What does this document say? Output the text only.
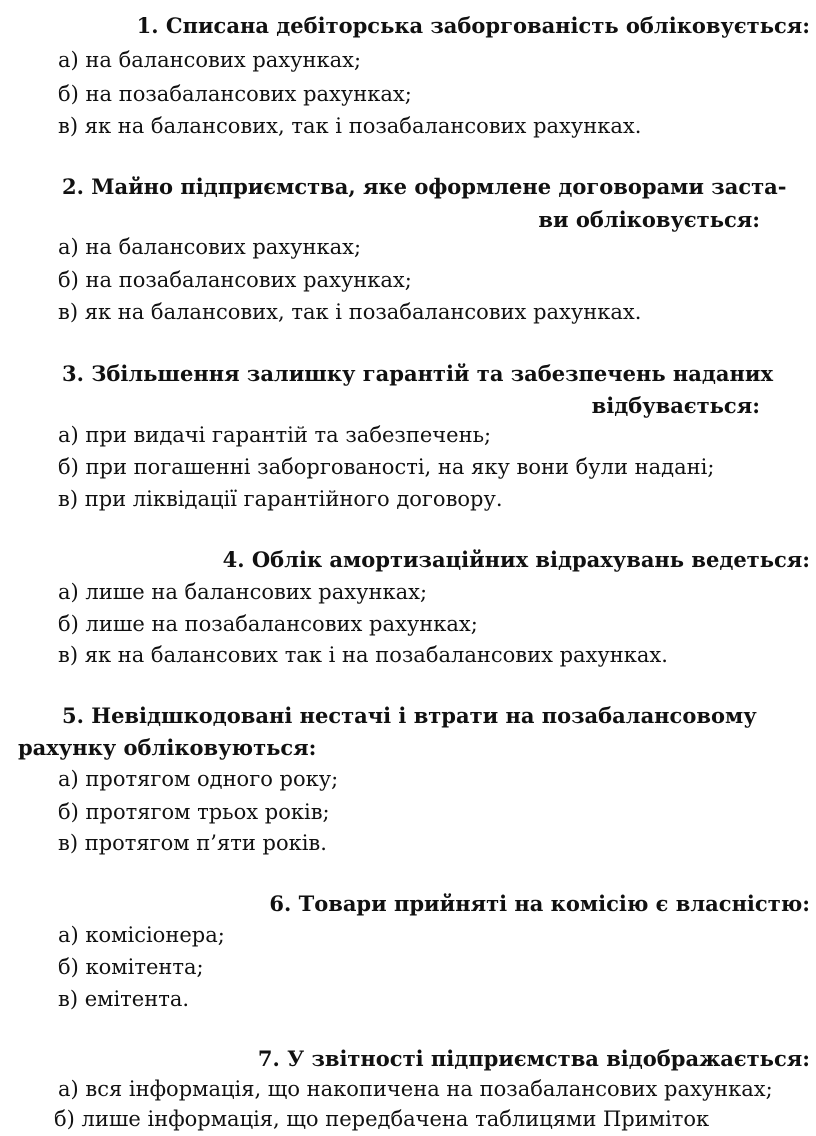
1. Списана дебіторська заборгованість обліковується:
а) на балансових рахунках;
б) на позабалансових рахунках;
в) як на балансових, так і позабалансових рахунках.
2. Майно підприємства, яке оформлене договорами заста-
ви обліковується:
а) на балансових рахунках;
б) на позабалансових рахунках;
в) як на балансових, так і позабалансових рахунках.
3. Збільшення залишку гарантій та забезпечень наданих
відбувається:
а) при видачі гарантій та забезпечень;
б) при погашенні заборгованості, на яку вони були надані;
в) при ліквідації гарантійного договору.
4. Облік амортизаційних відрахувань ведеться:
а) лише на балансових рахунках;
б) лише на позабалансових рахунках;
в) як на балансових так і на позабалансових рахунках.
5. Невідшкодовані нестачі і втрати на позабалансовому
рахунку обліковуються:
а) протягом одного року;
б) протягом трьох років;
в) протягом п’яти років.
6. Товари прийняті на комісію є власністю:
а) комісіонера;
б) комітента;
в) емітента.
7. У звітності підприємства відображається:
а) вся інформація, що накопичена на позабалансових рахунках;
б) лише інформація, що передбачена таблицями Приміток
